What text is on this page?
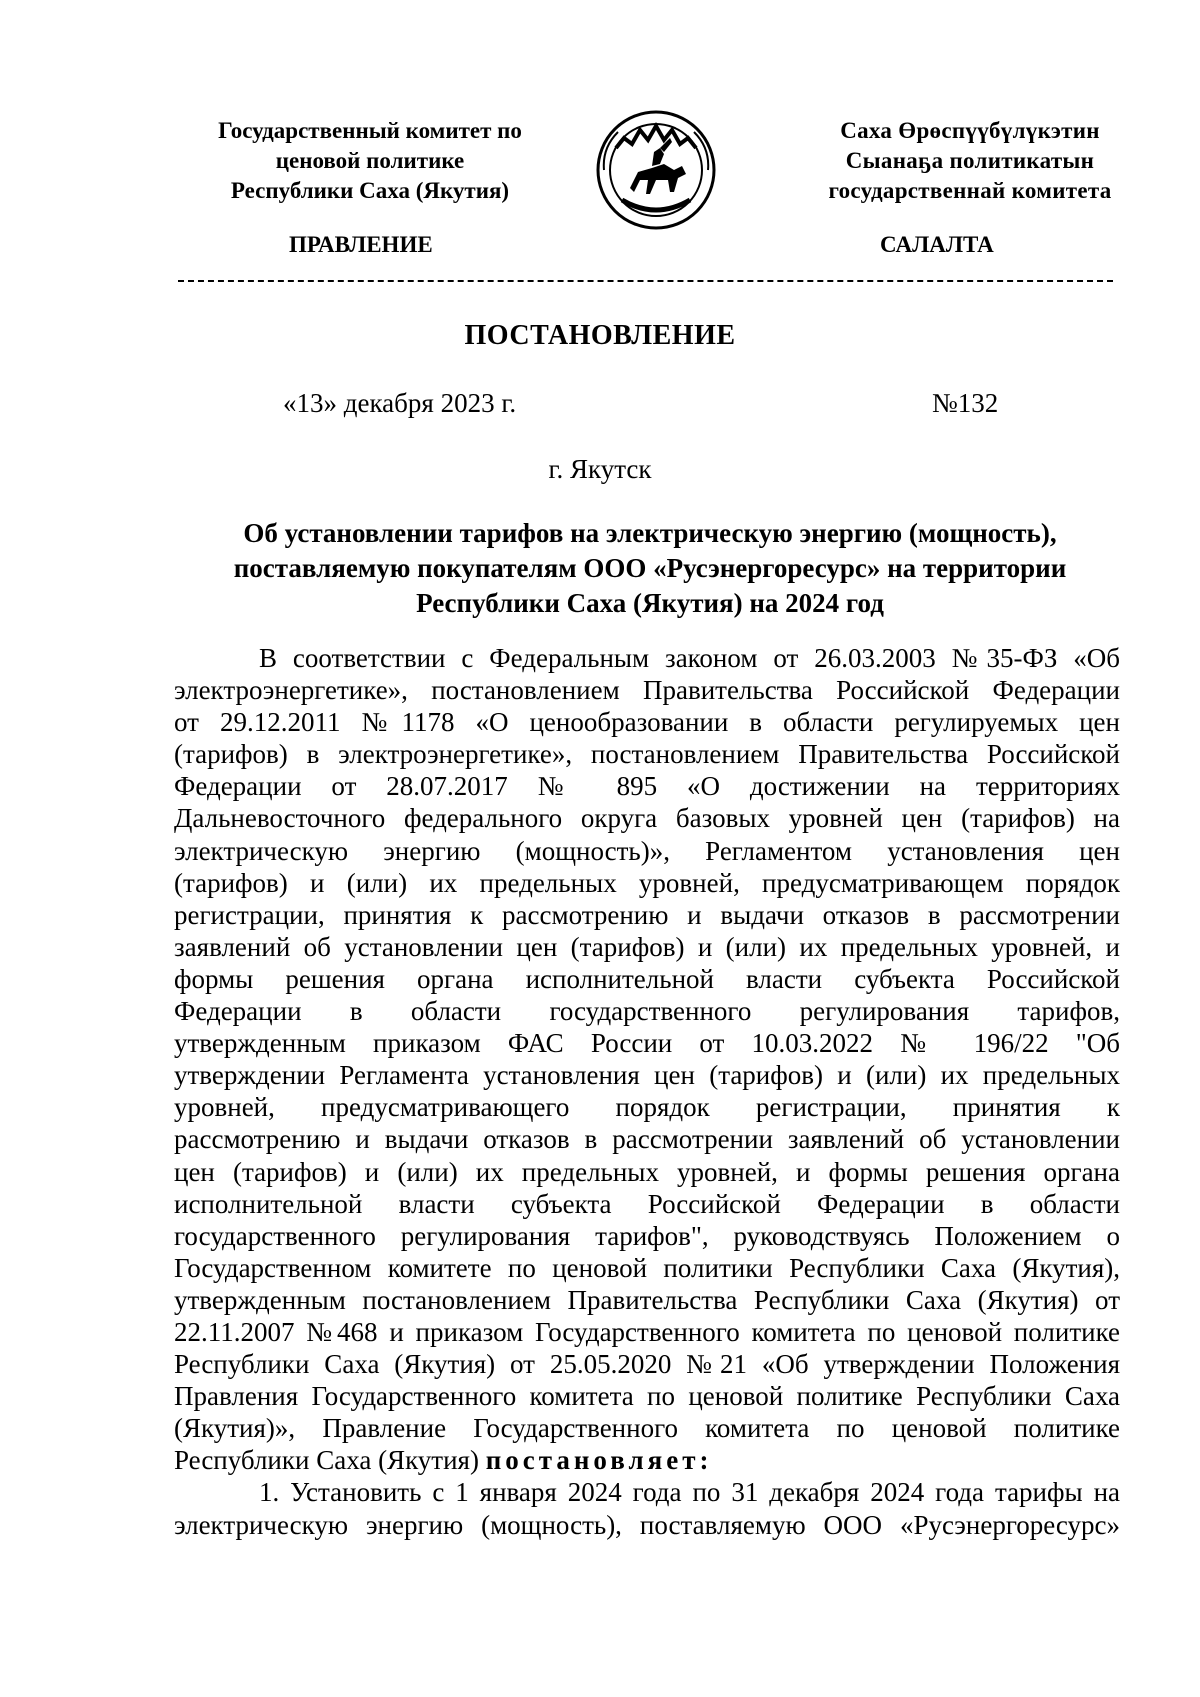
Государственный комитет по
ценовой политике
Республики Саха (Якутия)
Саха Өрөспүүбүлүкэтин
Сыанаҕа политикатын
государственнай комитета
ПРАВЛЕНИЕ	САЛАЛТА
ПОСТАНОВЛЕНИЕ
«13» декабря 2023 г.	№132
г. Якутск
Об установлении тарифов на электрическую энергию (мощность),
поставляемую покупателям ООО «Русэнергоресурс» на территории
Республики Саха (Якутия) на 2024 год
В соответствии с Федеральным законом от 26.03.2003 №35-ФЗ «Об
электроэнергетике», постановлением Правительства Российской Федерации
от 29.12.2011 №1178 «О ценообразовании в области регулируемых цен
(тарифов) в электроэнергетике», постановлением Правительства Российской
Федерации от 28.07.2017 № 895 «О достижении на территориях
Дальневосточного федерального округа базовых уровней цен (тарифов) на
электрическую энергию (мощность)», Регламентом установления цен
(тарифов) и (или) их предельных уровней, предусматривающем порядок
регистрации, принятия к рассмотрению и выдачи отказов в рассмотрении
заявлений об установлении цен (тарифов) и (или) их предельных уровней, и
формы решения органа исполнительной власти субъекта Российской
Федерации в области государственного регулирования тарифов,
утвержденным приказом ФАС России от 10.03.2022 № 196/22 "Об
утверждении Регламента установления цен (тарифов) и (или) их предельных
уровней, предусматривающего порядок регистрации, принятия к
рассмотрению и выдачи отказов в рассмотрении заявлений об установлении
цен (тарифов) и (или) их предельных уровней, и формы решения органа
исполнительной власти субъекта Российской Федерации в области
государственного регулирования тарифов", руководствуясь Положением о
Государственном комитете по ценовой политики Республики Саха (Якутия),
утвержденным постановлением Правительства Республики Саха (Якутия) от
22.11.2007 №468 и приказом Государственного комитета по ценовой политике
Республики Саха (Якутия) от 25.05.2020 №21 «Об утверждении Положения
Правления Государственного комитета по ценовой политике Республики Саха
(Якутия)», Правление Государственного комитета по ценовой политике
Республики Саха (Якутия) постановляет:
1. Установить с 1 января 2024 года по 31 декабря 2024 года тарифы на
электрическую энергию (мощность), поставляемую ООО «Русэнергоресурс»
